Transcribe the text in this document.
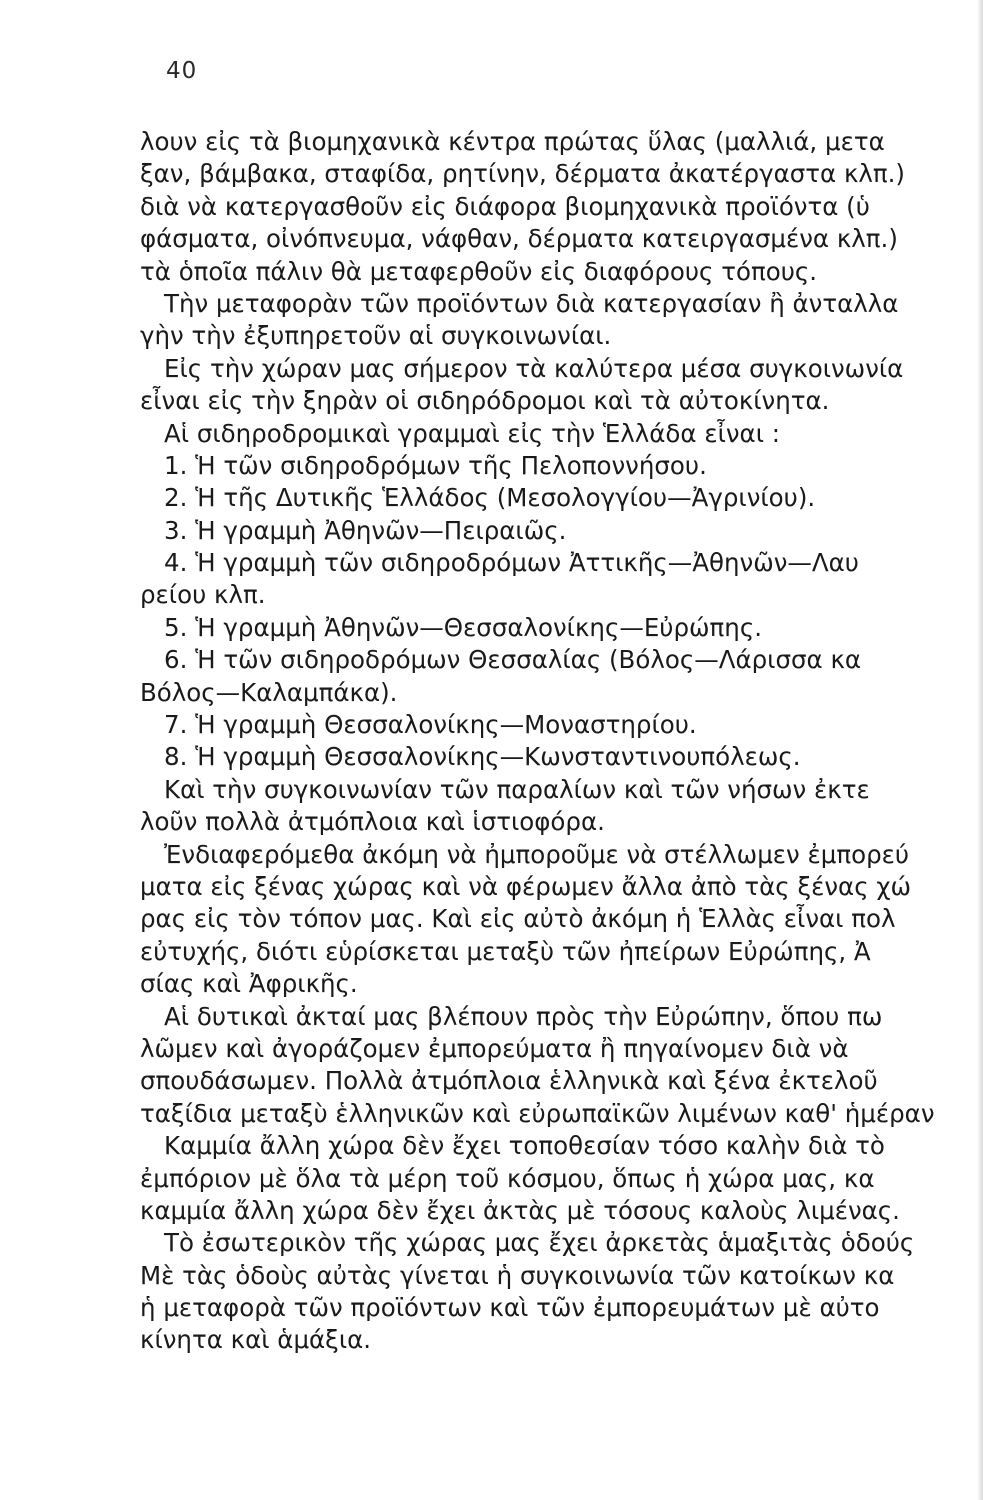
40
λουν εἰς τὰ βιομηχανικὰ κέντρα πρώτας ὕλας (μαλλιά, μετα
ξαν, βάμβακα, σταφίδα, ρητίνην, δέρματα ἀκατέργαστα κλπ.)
διὰ νὰ κατεργασθοῦν εἰς διάφορα βιομηχανικὰ προϊόντα (ὑ
φάσματα, οἰνόπνευμα, νάφθαν, δέρματα κατειργασμένα κλπ.)
τὰ ὁποῖα πάλιν θὰ μεταφερθοῦν εἰς διαφόρους τόπους.
Τὴν μεταφορὰν τῶν προϊόντων διὰ κατεργασίαν ἢ ἀνταλλα
γὴν τὴν ἐξυπηρετοῦν αἱ συγκοινωνίαι.
Εἰς τὴν χώραν μας σήμερον τὰ καλύτερα μέσα συγκοινωνία
εἶναι εἰς τὴν ξηρὰν οἱ σιδηρόδρομοι καὶ τὰ αὐτοκίνητα.
Αἱ σιδηροδρομικαὶ γραμμαὶ εἰς τὴν Ἑλλάδα εἶναι :
1. Ἡ τῶν σιδηροδρόμων τῆς Πελοποννήσου.
2. Ἡ τῆς Δυτικῆς Ἑλλάδος (Μεσολογγίου—Ἀγρινίου).
3. Ἡ γραμμὴ Ἀθηνῶν—Πειραιῶς.
4. Ἡ γραμμὴ τῶν σιδηροδρόμων Ἀττικῆς—Ἀθηνῶν—Λαυ
ρείου κλπ.
5. Ἡ γραμμὴ Ἀθηνῶν—Θεσσαλονίκης—Εὐρώπης.
6. Ἡ τῶν σιδηροδρόμων Θεσσαλίας (Βόλος—Λάρισσα κα
Βόλος—Καλαμπάκα).
7. Ἡ γραμμὴ Θεσσαλονίκης—Μοναστηρίου.
8. Ἡ γραμμὴ Θεσσαλονίκης—Κωνσταντινουπόλεως.
Καὶ τὴν συγκοινωνίαν τῶν παραλίων καὶ τῶν νήσων ἐκτε
λοῦν πολλὰ ἀτμόπλοια καὶ ἱστιοφόρα.
Ἐνδιαφερόμεθα ἀκόμη νὰ ἠμποροῦμε νὰ στέλλωμεν ἐμπορεύ
ματα εἰς ξένας χώρας καὶ νὰ φέρωμεν ἄλλα ἀπὸ τὰς ξένας χώ
ρας εἰς τὸν τόπον μας. Καὶ εἰς αὐτὸ ἀκόμη ἡ Ἑλλὰς εἶναι πολ
εὐτυχής, διότι εὑρίσκεται μεταξὺ τῶν ἠπείρων Εὐρώπης, Ἀ
σίας καὶ Ἀφρικῆς.
Αἱ δυτικαὶ ἀκταί μας βλέπουν πρὸς τὴν Εὐρώπην, ὅπου πω
λῶμεν καὶ ἀγοράζομεν ἐμπορεύματα ἢ πηγαίνομεν διὰ νὰ
σπουδάσωμεν. Πολλὰ ἀτμόπλοια ἑλληνικὰ καὶ ξένα ἐκτελοῦ
ταξίδια μεταξὺ ἑλληνικῶν καὶ εὐρωπαϊκῶν λιμένων καθ' ἡμέραν
Καμμία ἄλλη χώρα δὲν ἔχει τοποθεσίαν τόσο καλὴν διὰ τὸ
ἐμπόριον μὲ ὅλα τὰ μέρη τοῦ κόσμου, ὅπως ἡ χώρα μας, κα
καμμία ἄλλη χώρα δὲν ἔχει ἀκτὰς μὲ τόσους καλοὺς λιμένας.
Τὸ ἐσωτερικὸν τῆς χώρας μας ἔχει ἀρκετὰς ἁμαξιτὰς ὁδούς
Μὲ τὰς ὁδοὺς αὐτὰς γίνεται ἡ συγκοινωνία τῶν κατοίκων κα
ἡ μεταφορὰ τῶν προϊόντων καὶ τῶν ἐμπορευμάτων μὲ αὐτο
κίνητα καὶ ἁμάξια.
